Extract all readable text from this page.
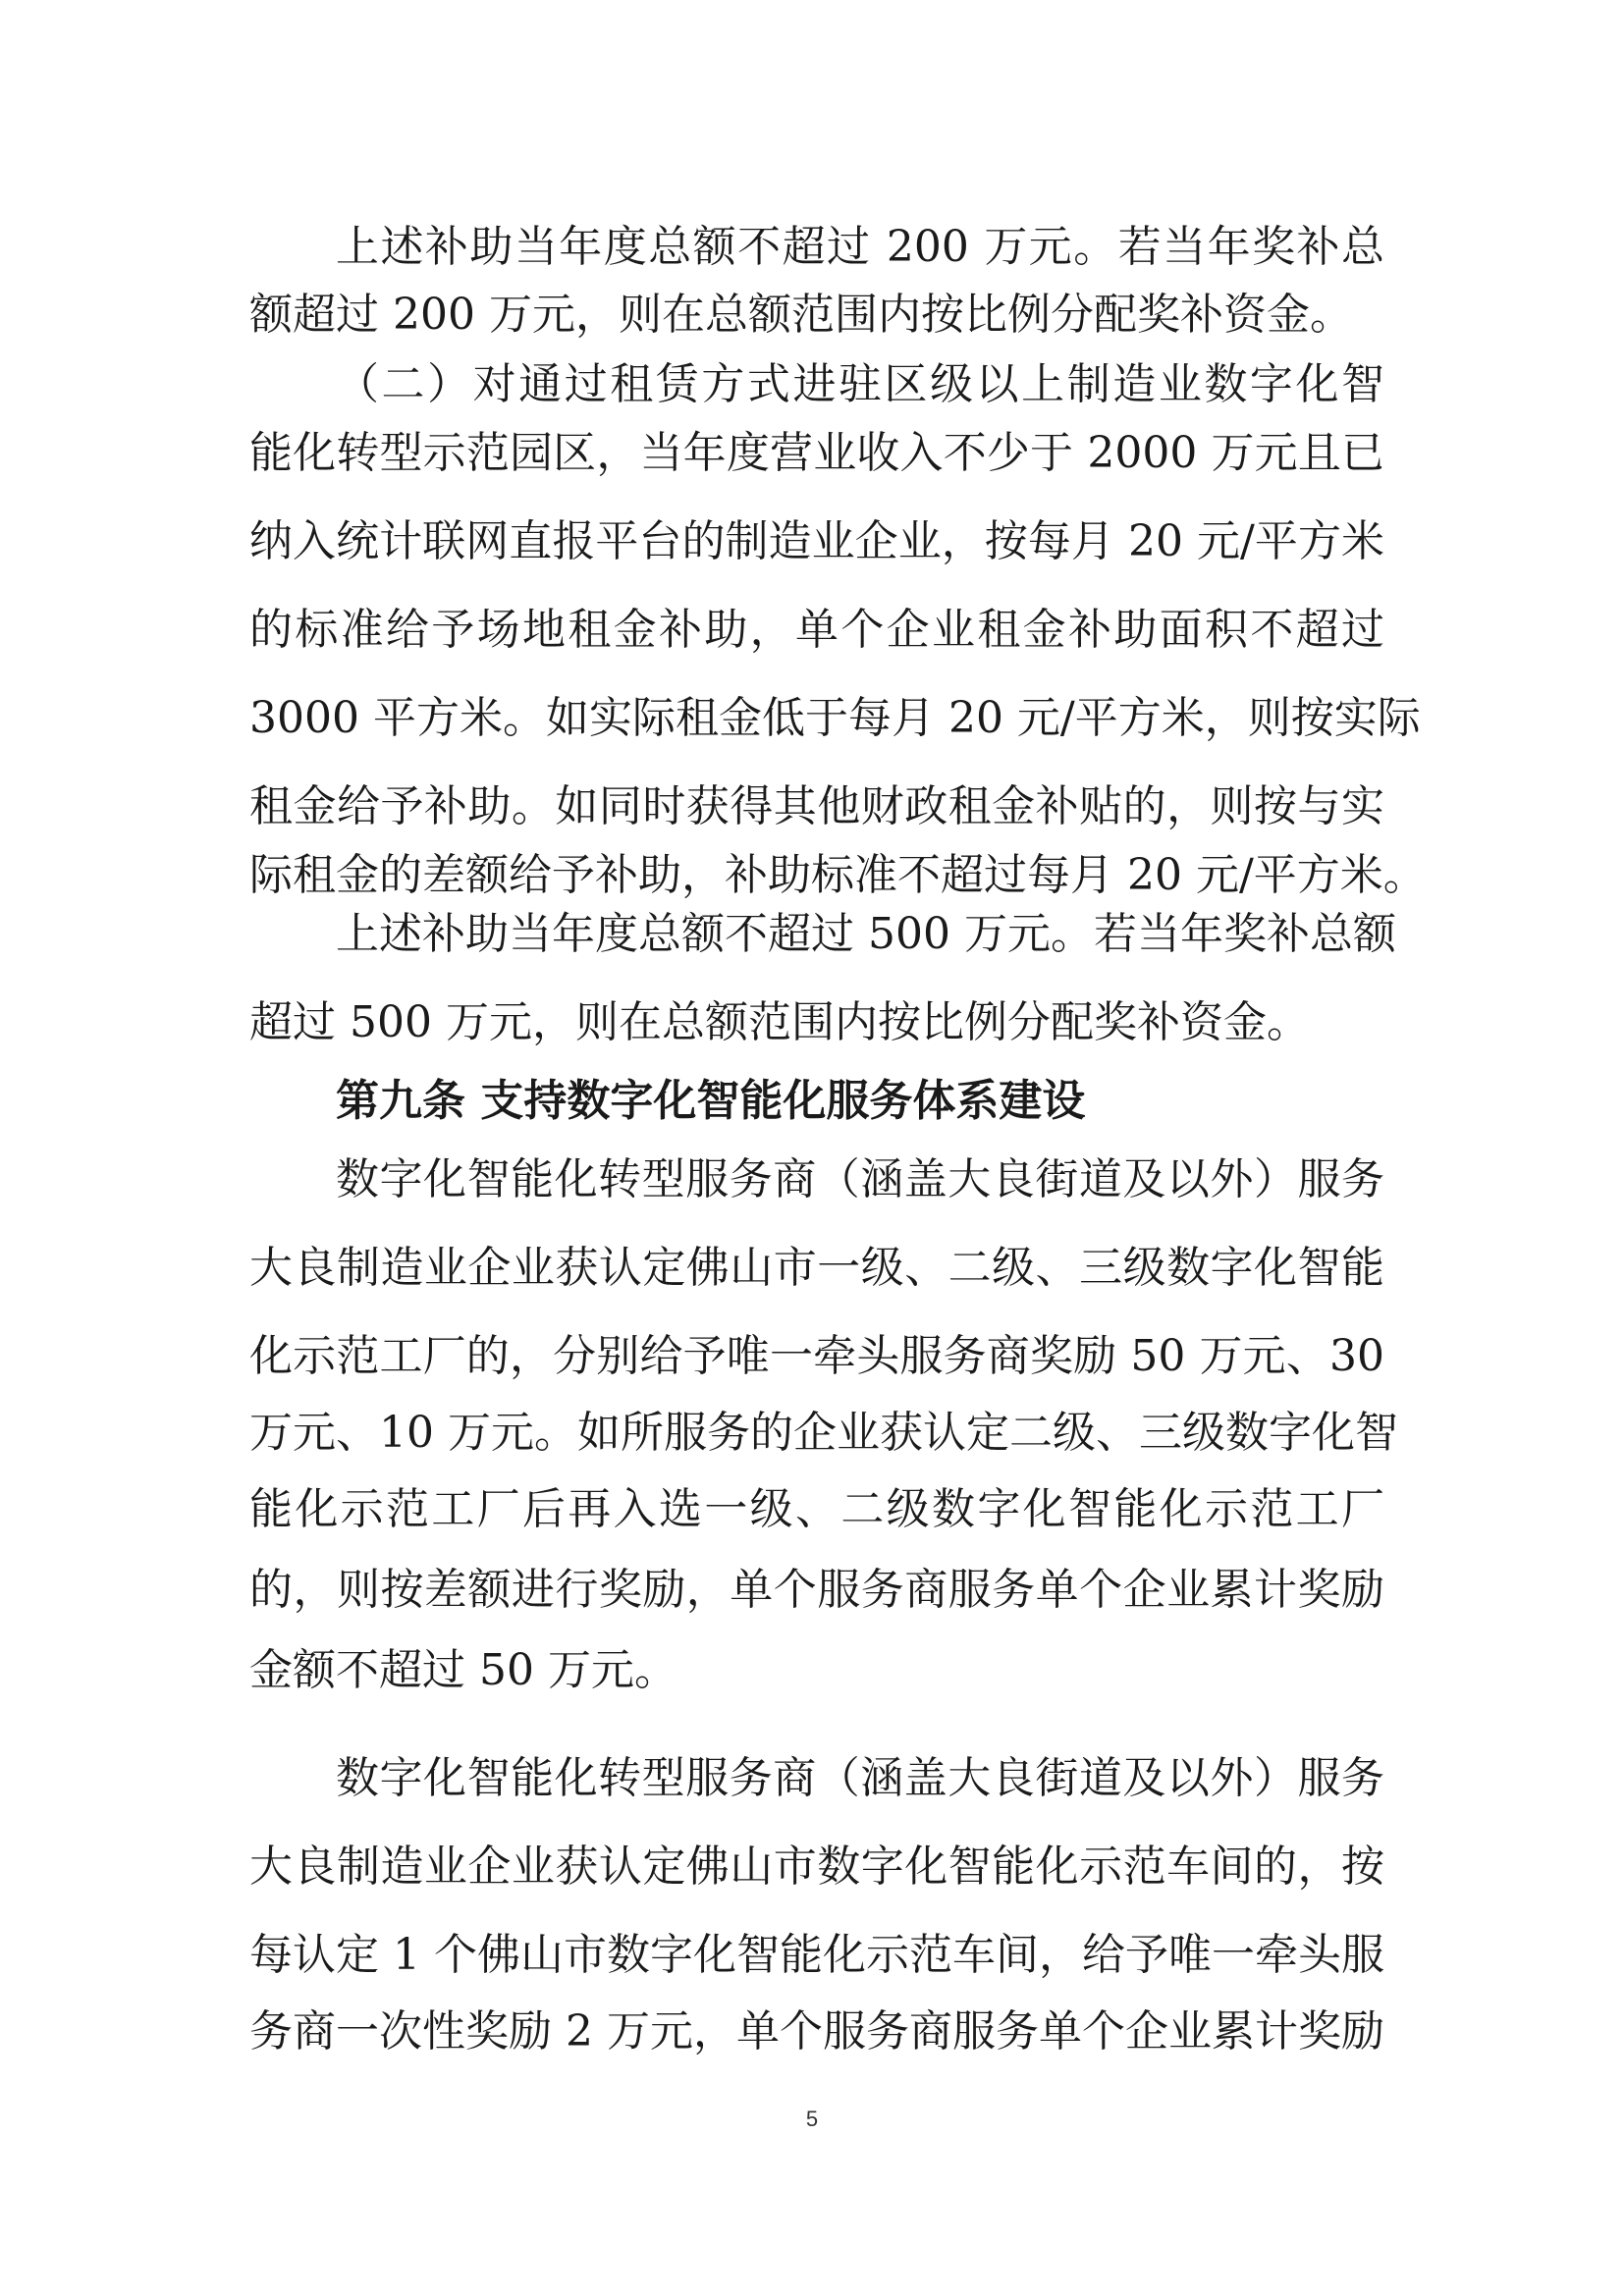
上述补助当年度总额不超过 200 万元。若当年奖补总

额超过 200 万元，则在总额范围内按比例分配奖补资金。

（二）对通过租赁方式进驻区级以上制造业数字化智

能化转型示范园区，当年度营业收入不少于 2000 万元且已

纳入统计联网直报平台的制造业企业，按每月 20 元/平方米

的标准给予场地租金补助，单个企业租金补助面积不超过

3000 平方米。如实际租金低于每月 20 元/平方米，则按实际

租金给予补助。如同时获得其他财政租金补贴的，则按与实

际租金的差额给予补助，补助标准不超过每月 20 元/平方米。

上述补助当年度总额不超过 500 万元。若当年奖补总额

超过 500 万元，则在总额范围内按比例分配奖补资金。

第九条 支持数字化智能化服务体系建设

数字化智能化转型服务商（涵盖大良街道及以外）服务

大良制造业企业获认定佛山市一级、二级、三级数字化智能

化示范工厂的，分别给予唯一牵头服务商奖励 50 万元、30

万元、10 万元。如所服务的企业获认定二级、三级数字化智

能化示范工厂后再入选一级、二级数字化智能化示范工厂

的，则按差额进行奖励，单个服务商服务单个企业累计奖励

金额不超过 50 万元。

数字化智能化转型服务商（涵盖大良街道及以外）服务

大良制造业企业获认定佛山市数字化智能化示范车间的，按

每认定 1 个佛山市数字化智能化示范车间，给予唯一牵头服

务商一次性奖励 2 万元，单个服务商服务单个企业累计奖励

5
